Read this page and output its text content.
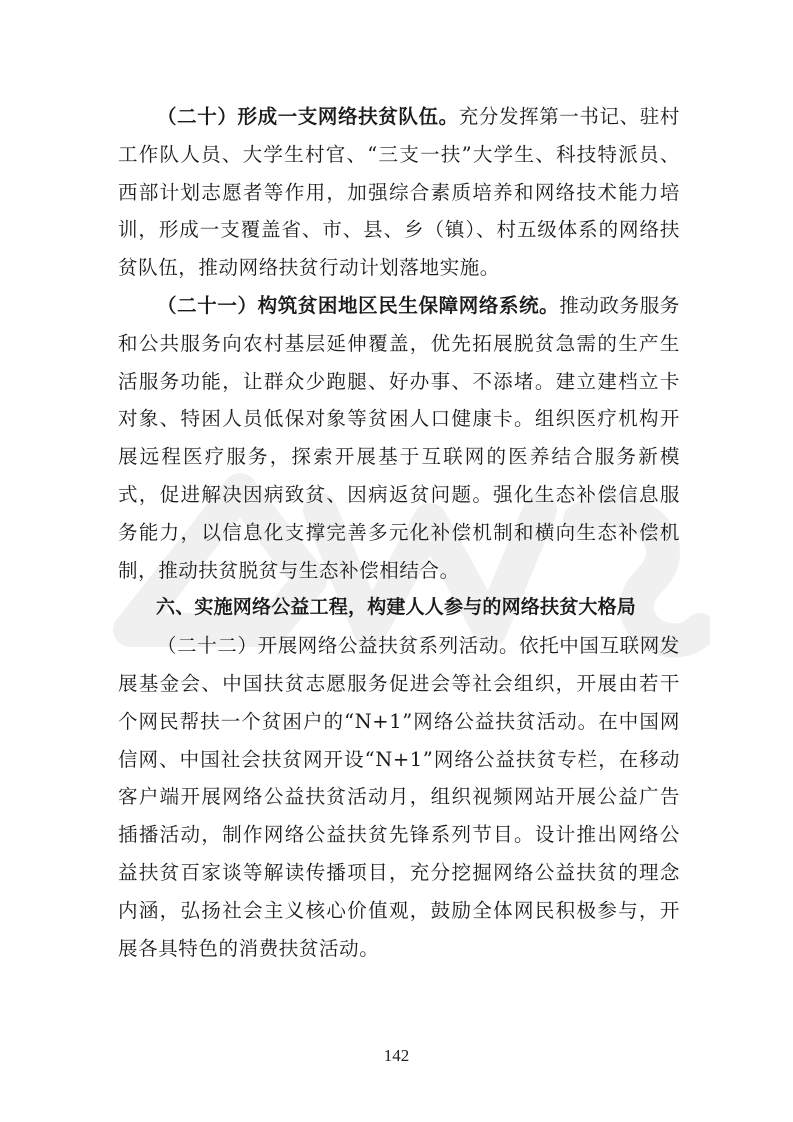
（二十）形成一支网络扶贫队伍。充分发挥第一书记、驻村工作队人员、大学生村官、“三支一扶”大学生、科技特派员、西部计划志愿者等作用，加强综合素质培养和网络技术能力培训，形成一支覆盖省、市、县、乡（镇）、村五级体系的网络扶贫队伍，推动网络扶贫行动计划落地实施。

（二十一）构筑贫困地区民生保障网络系统。推动政务服务和公共服务向农村基层延伸覆盖，优先拓展脱贫急需的生产生活服务功能，让群众少跑腿、好办事、不添堵。建立建档立卡对象、特困人员低保对象等贫困人口健康卡。组织医疗机构开展远程医疗服务，探索开展基于互联网的医养结合服务新模式，促进解决因病致贫、因病返贫问题。强化生态补偿信息服务能力，以信息化支撑完善多元化补偿机制和横向生态补偿机制，推动扶贫脱贫与生态补偿相结合。

六、实施网络公益工程，构建人人参与的网络扶贫大格局

（二十二）开展网络公益扶贫系列活动。依托中国互联网发展基金会、中国扶贫志愿服务促进会等社会组织，开展由若干个网民帮扶一个贫困户的“N+1”网络公益扶贫活动。在中国网信网、中国社会扶贫网开设“N+1”网络公益扶贫专栏，在移动客户端开展网络公益扶贫活动月，组织视频网站开展公益广告插播活动，制作网络公益扶贫先锋系列节目。设计推出网络公益扶贫百家谈等解读传播项目，充分挖掘网络公益扶贫的理念内涵，弘扬社会主义核心价值观，鼓励全体网民积极参与，开展各具特色的消费扶贫活动。

142
